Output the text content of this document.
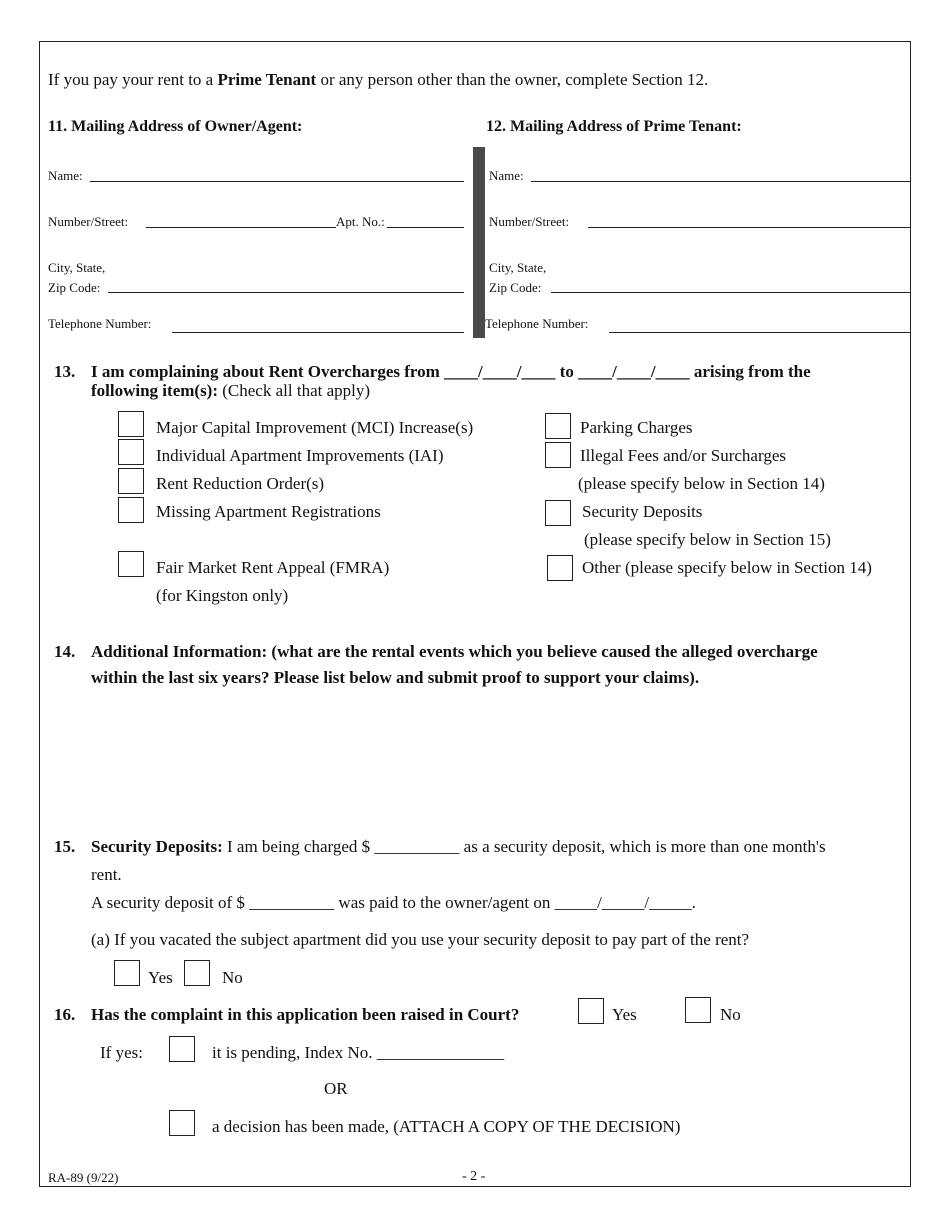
If you pay your rent to a Prime Tenant or any person other than the owner, complete Section 12.
11. Mailing Address of Owner/Agent:
Name:
Number/Street:	Apt. No.:
City, State,
Zip Code:
Telephone Number:
12. Mailing Address of Prime Tenant:
Name:
Number/Street:
City, State,
Zip Code:
Telephone Number:
13. I am complaining about Rent Overcharges from ____/____/____ to ____/____/____ arising from the
following item(s): (Check all that apply)
Major Capital Improvement (MCI) Increase(s)
Individual Apartment Improvements (IAI)
Rent Reduction Order(s)
Missing Apartment Registrations
Fair Market Rent Appeal (FMRA)
(for Kingston only)
Parking Charges
Illegal Fees and/or Surcharges
(please specify below in Section 14)
Security Deposits
(please specify below in Section 15)
Other (please specify below in Section 14)
14. Additional Information: (what are the rental events which you believe caused the alleged overcharge
within the last six years? Please list below and submit proof to support your claims).
15. Security Deposits: I am being charged $ __________ as a security deposit, which is more than one month's
rent.
A security deposit of $ __________ was paid to the owner/agent on _____/_____/_____.
(a) If you vacated the subject apartment did you use your security deposit to pay part of the rent?
Yes	No
16. Has the complaint in this application been raised in Court?	Yes	No
If yes:	it is pending, Index No. _______________
OR
a decision has been made, (ATTACH A COPY OF THE DECISION)
RA-89 (9/22)	- 2 -
